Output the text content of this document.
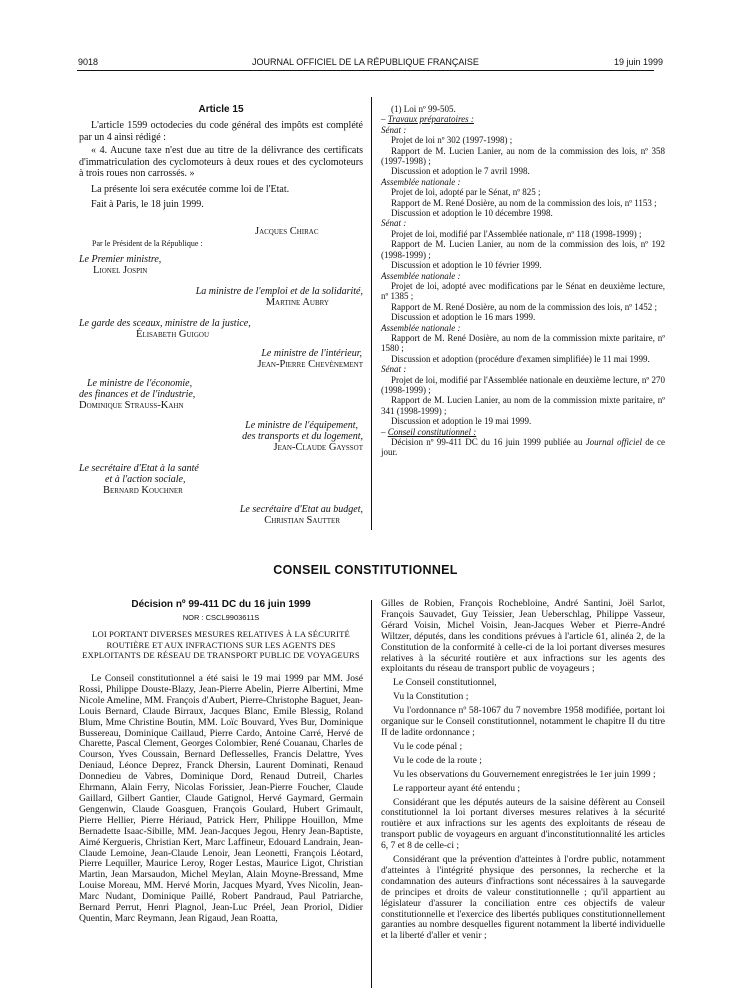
9018	JOURNAL OFFICIEL DE LA RÉPUBLIQUE FRANÇAISE	19 juin 1999
Article 15

L'article 1599 octodecies du code général des impôts est complété par un 4 ainsi rédigé :

« 4. Aucune taxe n'est due au titre de la délivrance des certificats d'immatriculation des cyclomoteurs à deux roues et des cyclomoteurs à trois roues non carrossés. »

La présente loi sera exécutée comme loi de l'Etat.

Fait à Paris, le 18 juin 1999.

Jacques Chirac
Par le Président de la République :
Le Premier ministre,
Lionel Jospin
La ministre de l'emploi et de la solidarité,
Martine Aubry
Le garde des sceaux, ministre de la justice,
Élisabeth Guigou
Le ministre de l'intérieur,
Jean-Pierre Chevènement
Le ministre de l'économie,
des finances et de l'industrie,
Dominique Strauss-Kahn
Le ministre de l'équipement,
des transports et du logement,
Jean-Claude Gayssot
Le secrétaire d'Etat à la santé
et à l'action sociale,
Bernard Kouchner
Le secrétaire d'Etat au budget,
Christian Sautter

(1) Loi nº 99-505.

– Travaux préparatoires :

Sénat :

Projet de loi nº 302 (1997-1998) ;

Rapport de M. Lucien Lanier, au nom de la commission des lois, nº 358 (1997-1998) ;

Discussion et adoption le 7 avril 1998.

Assemblée nationale :

Projet de loi, adopté par le Sénat, nº 825 ;

Rapport de M. René Dosière, au nom de la commission des lois, nº 1153 ;

Discussion et adoption le 10 décembre 1998.

Sénat :

Projet de loi, modifié par l'Assemblée nationale, nº 118 (1998-1999) ;

Rapport de M. Lucien Lanier, au nom de la commission des lois, nº 192 (1998-1999) ;

Discussion et adoption le 10 février 1999.

Assemblée nationale :

Projet de loi, adopté avec modifications par le Sénat en deuxième lecture, nº 1385 ;

Rapport de M. René Dosière, au nom de la commission des lois, nº 1452 ;

Discussion et adoption le 16 mars 1999.

Assemblée nationale :

Rapport de M. René Dosière, au nom de la commission mixte paritaire, nº 1580 ;

Discussion et adoption (procédure d'examen simplifiée) le 11 mai 1999.

Sénat :

Projet de loi, modifié par l'Assemblée nationale en deuxième lecture, nº 270 (1998-1999) ;

Rapport de M. Lucien Lanier, au nom de la commission mixte paritaire, nº 341 (1998-1999) ;

Discussion et adoption le 19 mai 1999.

– Conseil constitutionnel :

Décision nº 99-411 DC du 16 juin 1999 publiée au Journal officiel de ce jour.

CONSEIL CONSTITUTIONNEL
Décision nº 99-411 DC du 16 juin 1999
NOR : CSCL9903611S
LOI PORTANT DIVERSES MESURES RELATIVES À LA SÉCURITÉ ROUTIÈRE ET AUX INFRACTIONS SUR LES AGENTS DES EXPLOITANTS DE RÉSEAU DE TRANSPORT PUBLIC DE VOYAGEURS

Le Conseil constitutionnel a été saisi le 19 mai 1999 par MM. José Rossi, Philippe Douste-Blazy, Jean-Pierre Abelin, Pierre Albertini, Mme Nicole Ameline, MM. François d'Aubert, Pierre-Christophe Baguet, Jean-Louis Bernard, Claude Birraux, Jacques Blanc, Emile Blessig, Roland Blum, Mme Christine Boutin, MM. Loïc Bouvard, Yves Bur, Dominique Bussereau, Dominique Caillaud, Pierre Cardo, Antoine Carré, Hervé de Charette, Pascal Clement, Georges Colombier, René Couanau, Charles de Courson, Yves Coussain, Bernard Deflesselles, Francis Delattre, Yves Deniaud, Léonce Deprez, Franck Dhersin, Laurent Dominati, Renaud Donnedieu de Vabres, Dominique Dord, Renaud Dutreil, Charles Ehrmann, Alain Ferry, Nicolas Forissier, Jean-Pierre Foucher, Claude Gaillard, Gilbert Gantier, Claude Gatignol, Hervé Gaymard, Germain Gengenwin, Claude Goasguen, François Goulard, Hubert Grimault, Pierre Hellier, Pierre Hériaud, Patrick Herr, Philippe Houillon, Mme Bernadette Isaac-Sibille, MM. Jean-Jacques Jegou, Henry Jean-Baptiste, Aimé Kergueris, Christian Kert, Marc Laffineur, Edouard Landrain, Jean-Claude Lemoine, Jean-Claude Lenoir, Jean Leonetti, François Léotard, Pierre Lequiller, Maurice Leroy, Roger Lestas, Maurice Ligot, Christian Martin, Jean Marsaudon, Michel Meylan, Alain Moyne-Bressand, Mme Louise Moreau, MM. Hervé Morin, Jacques Myard, Yves Nicolin, Jean-Marc Nudant, Dominique Paillé, Robert Pandraud, Paul Patriarche, Bernard Perrut, Henri Plagnol, Jean-Luc Préel, Jean Proriol, Didier Quentin, Marc Reymann, Jean Rigaud, Jean Roatta,

Gilles de Robien, François Rochebloine, André Santini, Joël Sarlot, François Sauvadet, Guy Teissier, Jean Ueberschlag, Philippe Vasseur, Gérard Voisin, Michel Voisin, Jean-Jacques Weber et Pierre-André Wiltzer, députés, dans les conditions prévues à l'article 61, alinéa 2, de la Constitution de la conformité à celle-ci de la loi portant diverses mesures relatives à la sécurité routière et aux infractions sur les agents des exploitants du réseau de transport public de voyageurs ;

Le Conseil constitutionnel,

Vu la Constitution ;

Vu l'ordonnance nº 58-1067 du 7 novembre 1958 modifiée, portant loi organique sur le Conseil constitutionnel, notamment le chapitre II du titre II de ladite ordonnance ;

Vu le code pénal ;

Vu le code de la route ;

Vu les observations du Gouvernement enregistrées le 1er juin 1999 ;

Le rapporteur ayant été entendu ;

Considérant que les députés auteurs de la saisine défèrent au Conseil constitutionnel la loi portant diverses mesures relatives à la sécurité routière et aux infractions sur les agents des exploitants de réseau de transport public de voyageurs en arguant d'inconstitutionnalité les articles 6, 7 et 8 de celle-ci ;

Considérant que la prévention d'atteintes à l'ordre public, notamment d'atteintes à l'intégrité physique des personnes, la recherche et la condamnation des auteurs d'infractions sont nécessaires à la sauvegarde de principes et droits de valeur constitutionnelle ; qu'il appartient au législateur d'assurer la conciliation entre ces objectifs de valeur constitutionnelle et l'exercice des libertés publiques constitutionnellement garanties au nombre desquelles figurent notamment la liberté individuelle et la liberté d'aller et venir ;
